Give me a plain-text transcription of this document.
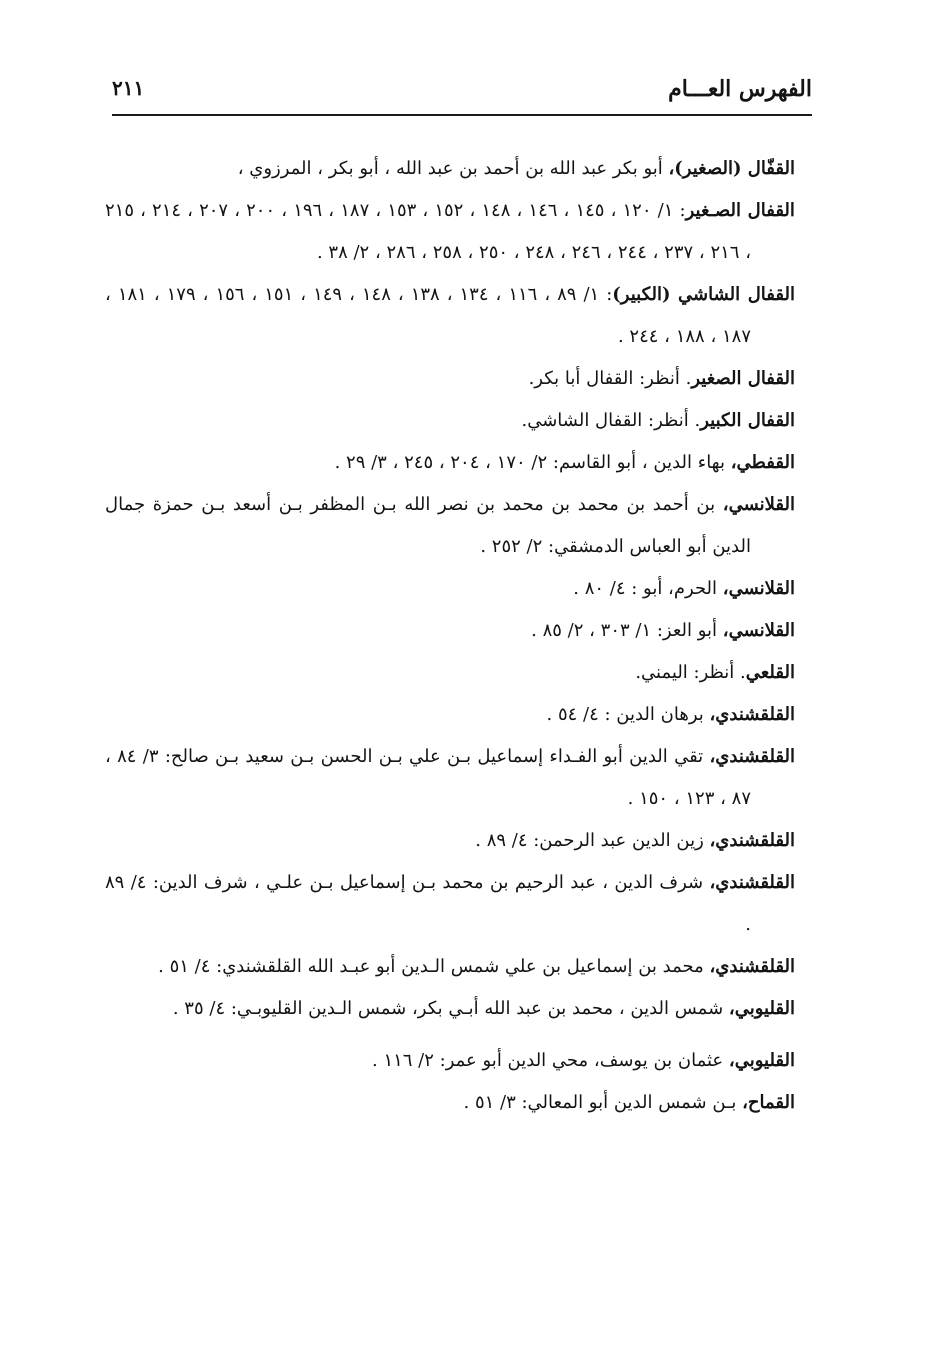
الفهرس العـــام
٢١١

القفّال (الصغير)، أبو بكر عبد الله بن أحمد بن عبد الله ، أبو بكر ، المرزوي ،

القفال الصـغير: ١/ ١٢٠ ، ١٤٥ ، ١٤٦ ، ١٤٨ ، ١٥٢ ، ١٥٣ ، ١٨٧ ، ١٩٦ ، ٢٠٠ ، ٢٠٧ ، ٢١٤ ، ٢١٥ ، ٢١٦ ، ٢٣٧ ، ٢٤٤ ، ٢٤٦ ، ٢٤٨ ، ٢٥٠ ، ٢٥٨ ، ٢٨٦ ، ٢/ ٣٨ .

القفال الشاشي (الكبير): ١/ ٨٩ ، ١١٦ ، ١٣٤ ، ١٣٨ ، ١٤٨ ، ١٤٩ ، ١٥١ ، ١٥٦ ، ١٧٩ ، ١٨١ ، ١٨٧ ، ١٨٨ ، ٢٤٤ .

القفال الصغير. أنظر: القفال أبا بكر.

القفال الكبير. أنظر: القفال الشاشي.

القفطي، بهاء الدين ، أبو القاسم: ٢/ ١٧٠ ، ٢٠٤ ، ٢٤٥ ، ٣/ ٢٩ .

القلانسي، بن أحمد بن محمد بن محمد بن نصر الله بـن المظفر بـن أسعد بـن حمزة جمال الدين أبو العباس الدمشقي: ٢/ ٢٥٢ .

القلانسي، الحرم، أبو : ٤/ ٨٠ .

القلانسي، أبو العز: ١/ ٣٠٣ ، ٢/ ٨٥ .

القلعي. أنظر: اليمني.

القلقشندي، برهان الدين : ٤/ ٥٤ .

القلقشندي، تقي الدين أبو الفـداء إسماعيل بـن علي بـن الحسن بـن سعيد بـن صالح: ٣/ ٨٤ ، ٨٧ ، ١٢٣ ، ١٥٠ .

القلقشندي، زين الدين عبد الرحمن: ٤/ ٨٩ .

القلقشندي، شرف الدين ، عبد الرحيم بن محمد بـن إسماعيل بـن علـي ، شرف الدين: ٤/ ٨٩ .

القلقشندي، محمد بن إسماعيل بن علي شمس الـدين أبو عبـد الله القلقشندي: ٤/ ٥١ .

القليوبي، شمس الدين ، محمد بن عبد الله أبـي بكر، شمس الـدين القليوبـي: ٤/ ٣٥ .

القليوبي، عثمان بن يوسف، محي الدين أبو عمر: ٢/ ١١٦ .

القماح، بـن شمس الدين أبو المعالي: ٣/ ٥١ .
